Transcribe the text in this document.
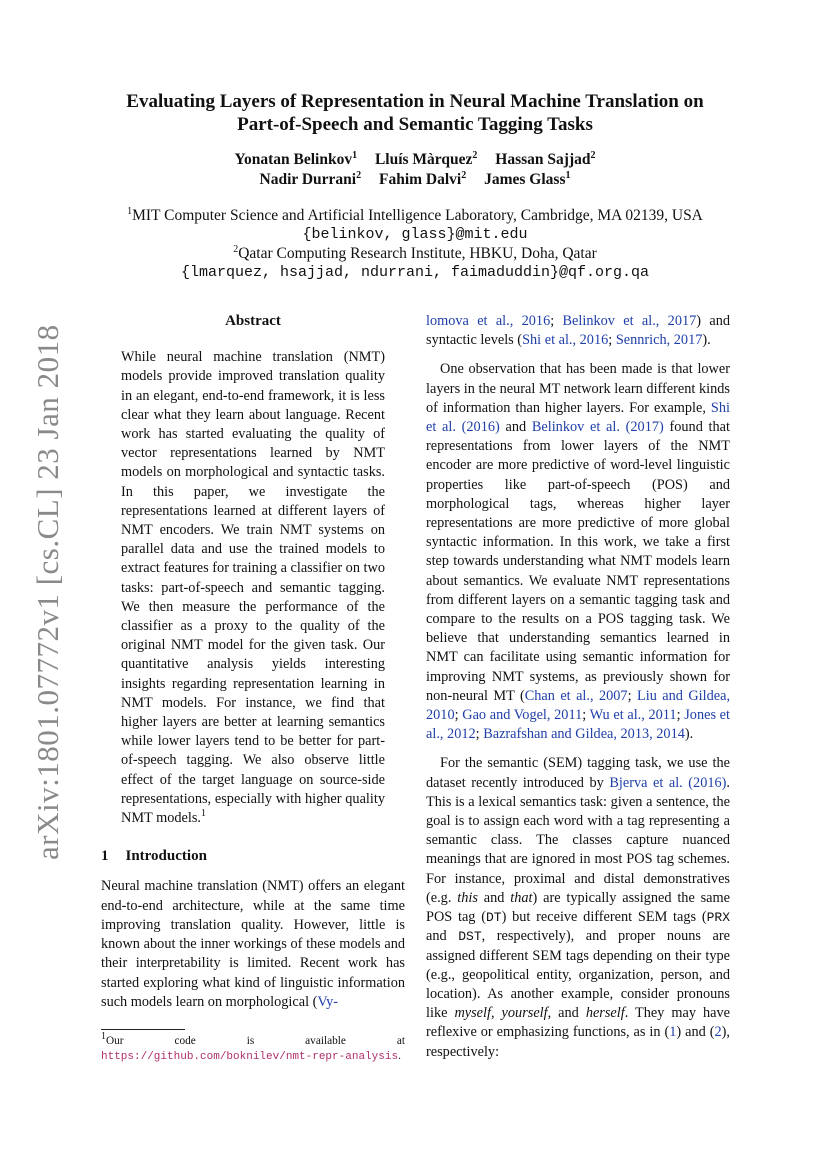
arXiv:1801.07772v1 [cs.CL] 23 Jan 2018
Evaluating Layers of Representation in Neural Machine Translation on
Part-of-Speech and Semantic Tagging Tasks
Yonatan Belinkov$^1$ Lluís Màrquez$^2$ Hassan Sajjad$^2$
Nadir Durrani$^2$ Fahim Dalvi$^2$ James Glass$^1$
$^1$MIT Computer Science and Artificial Intelligence Laboratory, Cambridge, MA 02139, USA
{belinkov, glass}@mit.edu
$^2$Qatar Computing Research Institute, HBKU, Doha, Qatar
{lmarquez, hsajjad, ndurrani, faimaduddin}@qf.org.qa
Abstract

While neural machine translation (NMT) models provide improved translation quality in an elegant, end-to-end framework, it is less clear what they learn about language. Recent work has started evaluating the quality of vector representations learned by NMT models on morphological and syntactic tasks. In this paper, we investigate the representations learned at different layers of NMT encoders. We train NMT systems on parallel data and use the trained models to extract features for training a classifier on two tasks: part-of-speech and semantic tagging. We then measure the performance of the classifier as a proxy to the quality of the original NMT model for the given task. Our quantitative analysis yields interesting insights regarding representation learning in NMT models. For instance, we find that higher layers are better at learning semantics while lower layers tend to be better for part-of-speech tagging. We also observe little effect of the target language on source-side representations, especially with higher quality NMT models.$^1$

1 Introduction

Neural machine translation (NMT) offers an elegant end-to-end architecture, while at the same time improving translation quality. However, little is known about the inner workings of these models and their interpretability is limited. Recent work has started exploring what kind of linguistic information such models learn on morphological (Vy-

lomova et al., 2016; Belinkov et al., 2017) and syntactic levels (Shi et al., 2016; Sennrich, 2017).

One observation that has been made is that lower layers in the neural MT network learn different kinds of information than higher layers. For example, Shi et al. (2016) and Belinkov et al. (2017) found that representations from lower layers of the NMT encoder are more predictive of word-level linguistic properties like part-of-speech (POS) and morphological tags, whereas higher layer representations are more predictive of more global syntactic information. In this work, we take a first step towards understanding what NMT models learn about semantics. We evaluate NMT representations from different layers on a semantic tagging task and compare to the results on a POS tagging task. We believe that understanding semantics learned in NMT can facilitate using semantic information for improving NMT systems, as previously shown for non-neural MT (Chan et al., 2007; Liu and Gildea, 2010; Gao and Vogel, 2011; Wu et al., 2011; Jones et al., 2012; Bazrafshan and Gildea, 2013, 2014).

For the semantic (SEM) tagging task, we use the dataset recently introduced by Bjerva et al. (2016). This is a lexical semantics task: given a sentence, the goal is to assign each word with a tag representing a semantic class. The classes capture nuanced meanings that are ignored in most POS tag schemes. For instance, proximal and distal demonstratives (e.g. this and that) are typically assigned the same POS tag (DT) but receive different SEM tags (PRX and DST, respectively), and proper nouns are assigned different SEM tags depending on their type (e.g., geopolitical entity, organization, person, and location). As another example, consider pronouns like myself, yourself, and herself. They may have reflexive or emphasizing functions, as in (1) and (2), respectively:

$^1$Our code is available at https://github.com/boknilev/nmt-repr-analysis.
